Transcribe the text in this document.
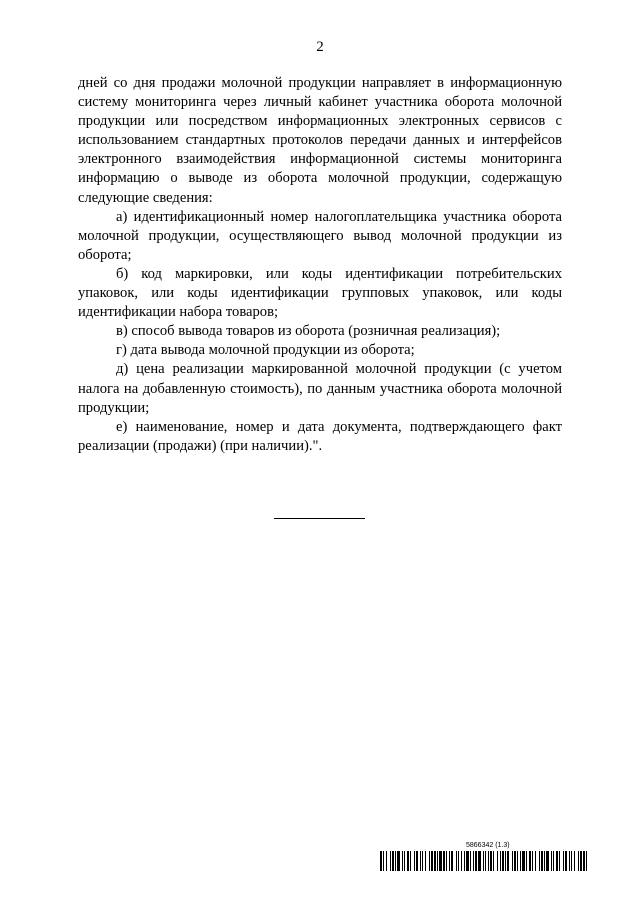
2

дней со дня продажи молочной продукции направляет в информационную систему мониторинга через личный кабинет участника оборота молочной продукции или посредством информационных электронных сервисов с использованием стандартных протоколов передачи данных и интерфейсов электронного взаимодействия информационной системы мониторинга информацию о выводе из оборота молочной продукции, содержащую следующие сведения:

а) идентификационный номер налогоплательщика участника оборота молочной продукции, осуществляющего вывод молочной продукции из оборота;

б) код маркировки, или коды идентификации потребительских упаковок, или коды идентификации групповых упаковок, или коды идентификации набора товаров;

в) способ вывода товаров из оборота (розничная реализация);

г) дата вывода молочной продукции из оборота;

д) цена реализации маркированной молочной продукции (с учетом налога на добавленную стоимость), по данным участника оборота молочной продукции;

е) наименование, номер и дата документа, подтверждающего факт реализации (продажи) (при наличии).".

5866342 (1.3)
